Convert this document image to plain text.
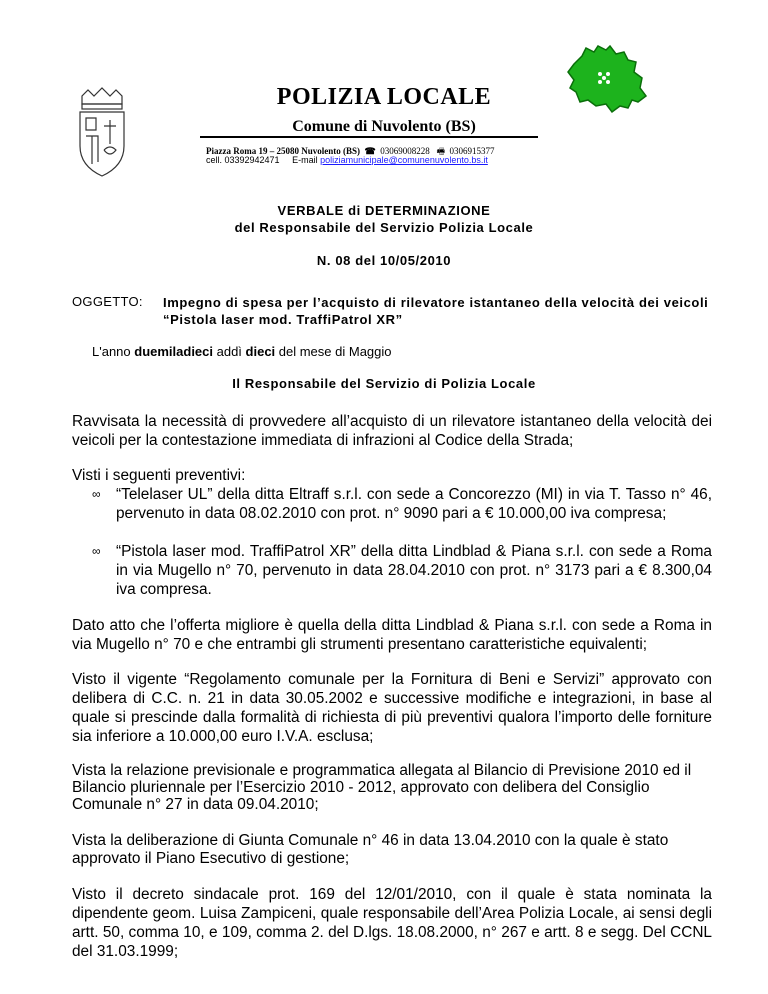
POLIZIA LOCALE
Comune di Nuvolento (BS)
Piazza Roma 19 – 25080 Nuvolento (BS)  ☎  03069008228   🖷  0306915377
cell. 03392942471 E-mail poliziamunicipale@comunenuvolento.bs.it
VERBALE di DETERMINAZIONE
del Responsabile del Servizio Polizia Locale
N. 08 del 10/05/2010
OGGETTO: Impegno di spesa per l’acquisto di rilevatore istantaneo della velocità dei veicoli “Pistola laser mod. TraffiPatrol XR”
L'anno duemiladieci addì dieci del mese di Maggio
Il Responsabile del Servizio di Polizia Locale
Ravvisata la necessità di provvedere all’acquisto di un rilevatore istantaneo della velocità dei veicoli per la contestazione immediata di infrazioni al Codice della Strada;
Visti i seguenti preventivi:
∞	“Telelaser UL” della ditta Eltraff s.r.l. con sede a Concorezzo (MI) in via T. Tasso n° 46, pervenuto in data 08.02.2010 con prot. n° 9090 pari a € 10.000,00 iva compresa;
∞	“Pistola laser mod. TraffiPatrol XR” della ditta Lindblad & Piana s.r.l. con sede a Roma in via Mugello n° 70, pervenuto in data 28.04.2010 con prot. n° 3173 pari a € 8.300,04 iva compresa.
Dato atto che l’offerta migliore è quella della ditta Lindblad & Piana s.r.l. con sede a Roma in via Mugello n° 70 e che entrambi gli strumenti presentano caratteristiche equivalenti;
Visto il vigente “Regolamento comunale per la Fornitura di Beni e Servizi” approvato con delibera di C.C. n. 21 in data 30.05.2002 e successive modifiche e integrazioni, in base al quale si prescinde dalla formalità di richiesta di più preventivi qualora l’importo delle forniture sia inferiore a 10.000,00 euro I.V.A. esclusa;
Vista la relazione previsionale e programmatica allegata al Bilancio di Previsione 2010 ed il Bilancio pluriennale per l’Esercizio 2010 - 2012, approvato con delibera del Consiglio Comunale n° 27 in data 09.04.2010;
Vista la deliberazione di Giunta Comunale n° 46 in data 13.04.2010 con la quale è stato approvato il Piano Esecutivo di gestione;
Visto il decreto sindacale prot. 169 del 12/01/2010, con il quale è stata nominata la dipendente geom. Luisa Zampiceni, quale responsabile dell’Area Polizia Locale, ai sensi degli artt. 50, comma 10, e 109, comma 2. del D.lgs. 18.08.2000, n° 267 e artt. 8 e segg. Del CCNL del 31.03.1999;
